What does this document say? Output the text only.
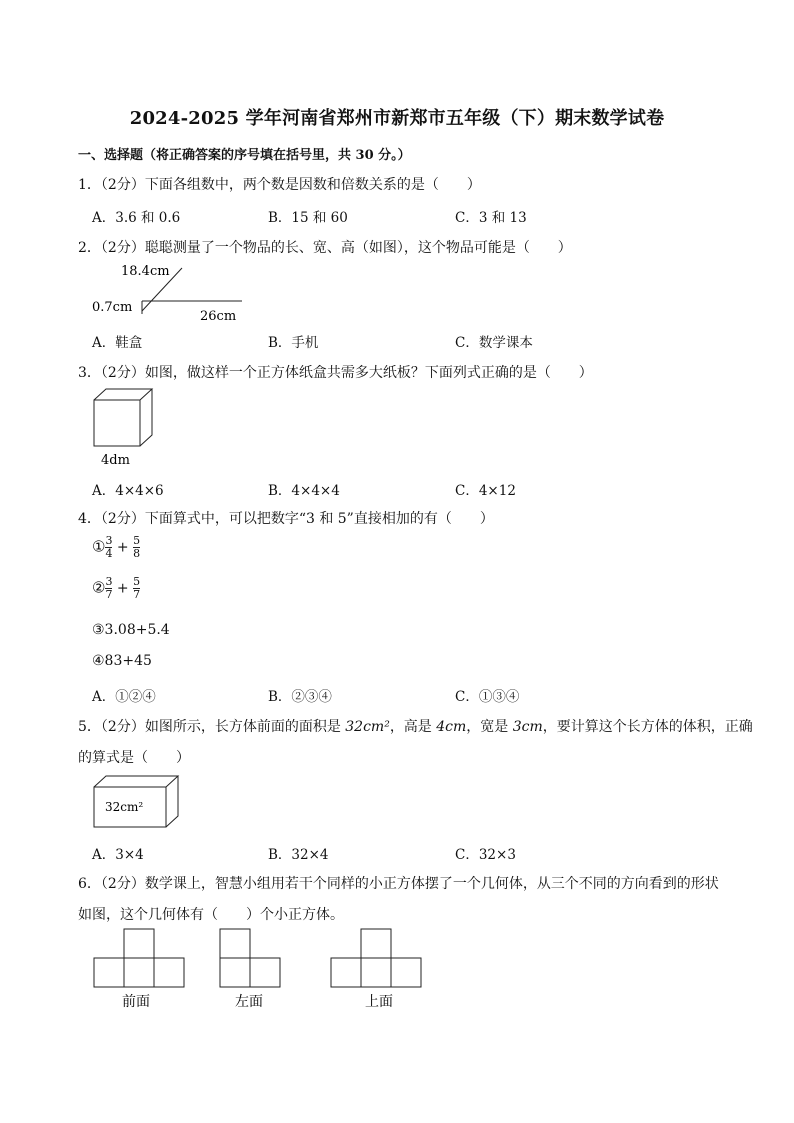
2024-2025 学年河南省郑州市新郑市五年级（下）期末数学试卷
一、选择题（将正确答案的序号填在括号里，共 30 分。）
1．（2分）下面各组数中，两个数是因数和倍数关系的是（　　）
A．3.6 和 0.6	B．15 和 60	C．3 和 13
2．（2分）聪聪测量了一个物品的长、宽、高（如图），这个物品可能是（　　）
18.4cm
0.7cm
26cm
A．鞋盒	B．手机	C．数学课本
3．（2分）如图，做这样一个正方体纸盒共需多大纸板？下面列式正确的是（　　）
4dm
A．4×4×6	B．4×4×4	C．4×12
4．（2分）下面算式中，可以把数字“3 和 5”直接相加的有（　　）
① $\frac{3}{4} + \frac{5}{8}$
② $\frac{3}{7} + \frac{5}{7}$
③3.08+5.4
④83+45
A．①②④	B．②③④	C．①③④
5．（2分）如图所示，长方体前面的面积是 32cm²，高是 4cm，宽是 3cm，要计算这个长方体的体积，正确
的算式是（　　）
32cm²
A．3×4	B．32×4	C．32×3
6．（2分）数学课上，智慧小组用若干个同样的小正方体摆了一个几何体，从三个不同的方向看到的形状
如图，这个几何体有（　　）个小正方体。
前面	左面	上面
